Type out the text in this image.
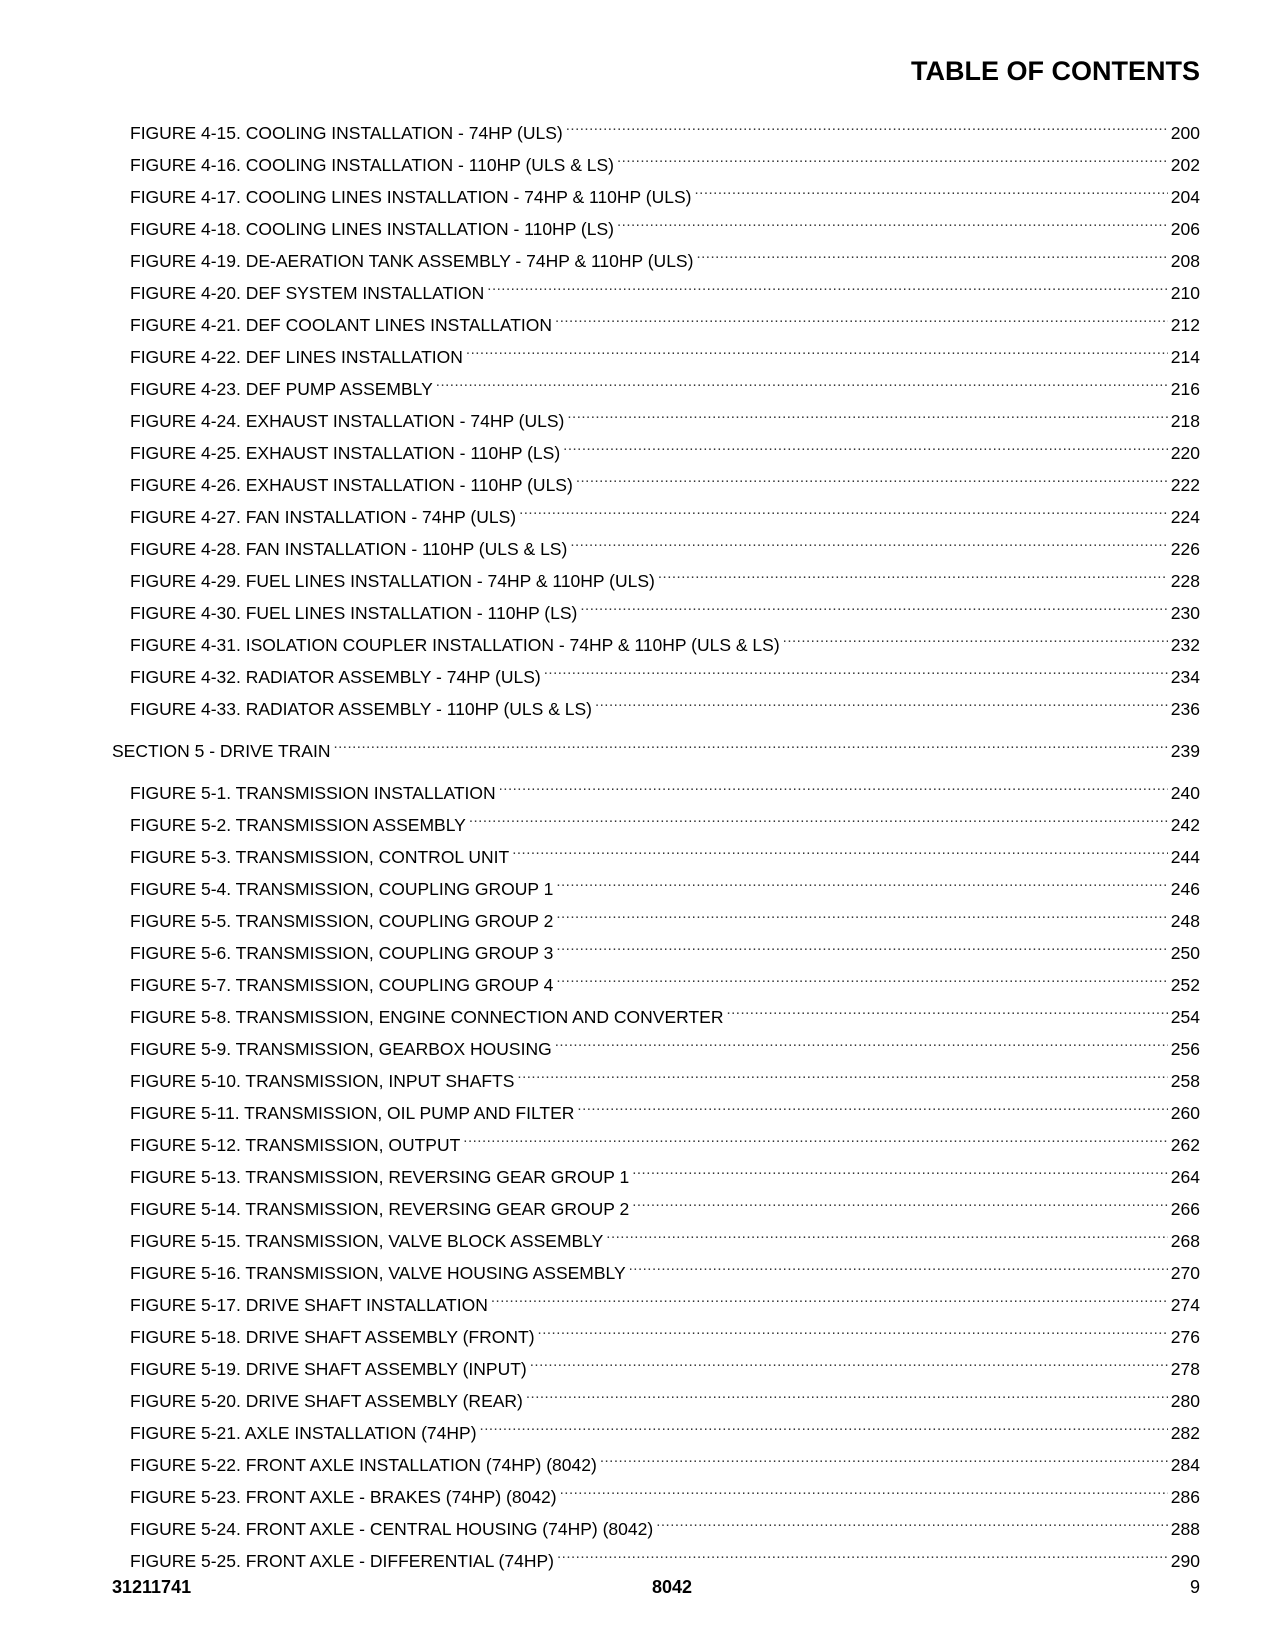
TABLE OF CONTENTS
FIGURE 4-15. COOLING INSTALLATION - 74HP (ULS) .....	200
FIGURE 4-16. COOLING INSTALLATION - 110HP (ULS & LS) .....	202
FIGURE 4-17. COOLING LINES INSTALLATION - 74HP & 110HP (ULS) .....	204
FIGURE 4-18. COOLING LINES INSTALLATION - 110HP (LS) .....	206
FIGURE 4-19. DE-AERATION TANK ASSEMBLY - 74HP & 110HP (ULS) .....	208
FIGURE 4-20. DEF SYSTEM INSTALLATION .....	210
FIGURE 4-21. DEF COOLANT LINES INSTALLATION .....	212
FIGURE 4-22. DEF LINES INSTALLATION .....	214
FIGURE 4-23. DEF PUMP ASSEMBLY .....	216
FIGURE 4-24. EXHAUST INSTALLATION - 74HP (ULS) .....	218
FIGURE 4-25. EXHAUST INSTALLATION - 110HP (LS) .....	220
FIGURE 4-26. EXHAUST INSTALLATION - 110HP (ULS) .....	222
FIGURE 4-27. FAN INSTALLATION - 74HP (ULS) .....	224
FIGURE 4-28. FAN INSTALLATION - 110HP (ULS & LS) .....	226
FIGURE 4-29. FUEL LINES INSTALLATION - 74HP & 110HP (ULS) .....	228
FIGURE 4-30. FUEL LINES INSTALLATION - 110HP (LS) .....	230
FIGURE 4-31. ISOLATION COUPLER INSTALLATION - 74HP & 110HP (ULS & LS) .....	232
FIGURE 4-32. RADIATOR ASSEMBLY - 74HP (ULS) .....	234
FIGURE 4-33. RADIATOR ASSEMBLY - 110HP (ULS & LS) .....	236
SECTION 5 - DRIVE TRAIN .....	239
FIGURE 5-1. TRANSMISSION INSTALLATION .....	240
FIGURE 5-2. TRANSMISSION ASSEMBLY .....	242
FIGURE 5-3. TRANSMISSION, CONTROL UNIT .....	244
FIGURE 5-4. TRANSMISSION, COUPLING GROUP 1 .....	246
FIGURE 5-5. TRANSMISSION, COUPLING GROUP 2 .....	248
FIGURE 5-6. TRANSMISSION, COUPLING GROUP 3 .....	250
FIGURE 5-7. TRANSMISSION, COUPLING GROUP 4 .....	252
FIGURE 5-8. TRANSMISSION, ENGINE CONNECTION AND CONVERTER .....	254
FIGURE 5-9. TRANSMISSION, GEARBOX HOUSING .....	256
FIGURE 5-10. TRANSMISSION, INPUT SHAFTS .....	258
FIGURE 5-11. TRANSMISSION, OIL PUMP AND FILTER .....	260
FIGURE 5-12. TRANSMISSION, OUTPUT .....	262
FIGURE 5-13. TRANSMISSION, REVERSING GEAR GROUP 1 .....	264
FIGURE 5-14. TRANSMISSION, REVERSING GEAR GROUP 2 .....	266
FIGURE 5-15. TRANSMISSION, VALVE BLOCK ASSEMBLY .....	268
FIGURE 5-16. TRANSMISSION, VALVE HOUSING ASSEMBLY .....	270
FIGURE 5-17. DRIVE SHAFT INSTALLATION .....	274
FIGURE 5-18. DRIVE SHAFT ASSEMBLY (FRONT) .....	276
FIGURE 5-19. DRIVE SHAFT ASSEMBLY (INPUT) .....	278
FIGURE 5-20. DRIVE SHAFT ASSEMBLY (REAR) .....	280
FIGURE 5-21. AXLE INSTALLATION (74HP) .....	282
FIGURE 5-22. FRONT AXLE INSTALLATION (74HP) (8042) .....	284
FIGURE 5-23. FRONT AXLE - BRAKES (74HP) (8042) .....	286
FIGURE 5-24. FRONT AXLE - CENTRAL HOUSING (74HP) (8042) .....	288
FIGURE 5-25. FRONT AXLE - DIFFERENTIAL (74HP) .....	290
31211741	8042	9
